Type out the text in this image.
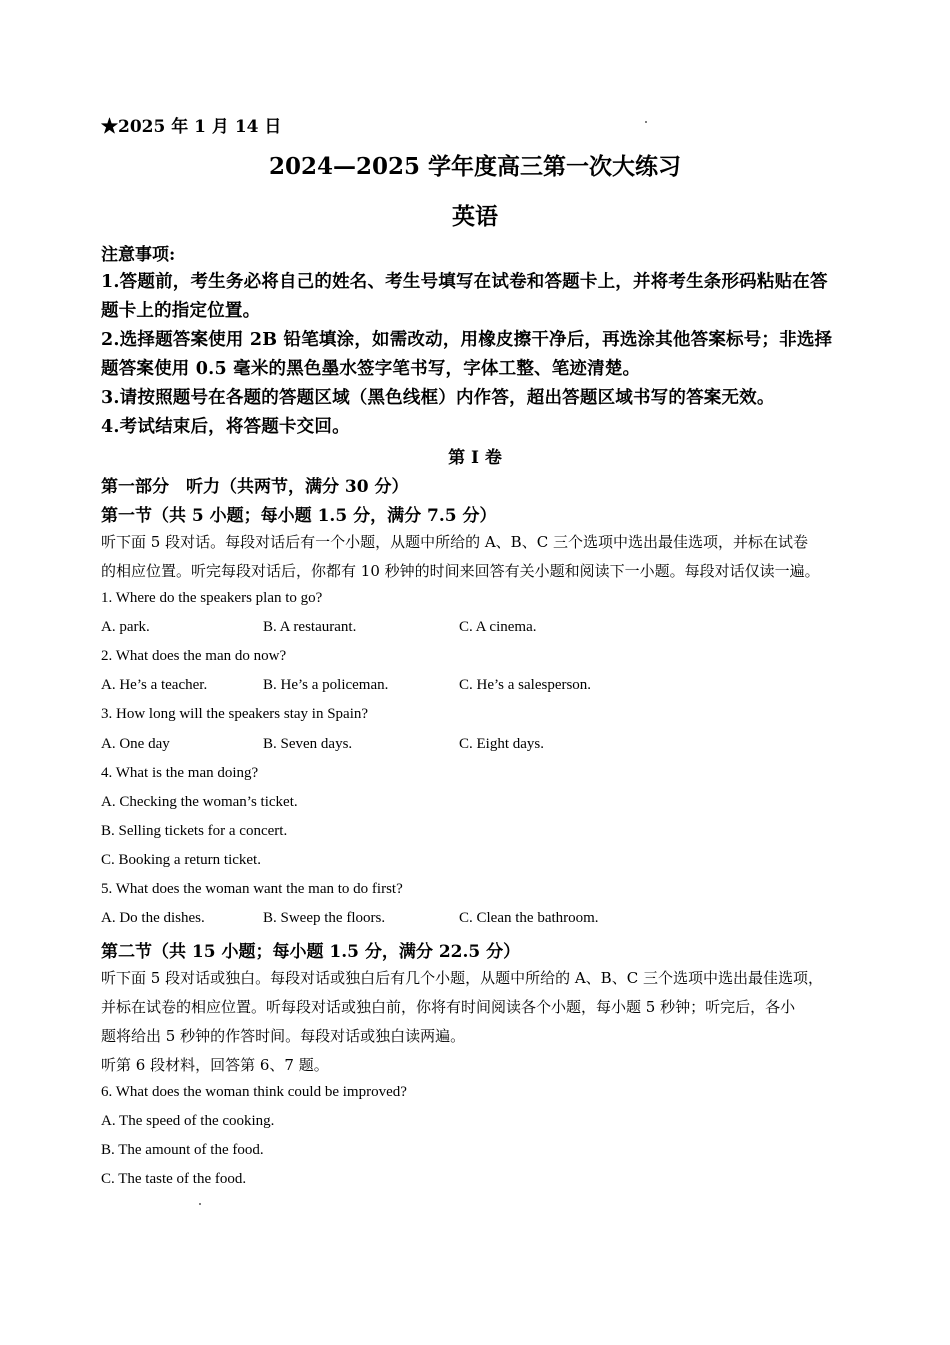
★2025 年 1 月 14 日
2024—2025 学年度高三第一次大练习
英语
注意事项:
1.答题前，考生务必将自己的姓名、考生号填写在试卷和答题卡上，并将考生条形码粘贴在答
题卡上的指定位置。
2.选择题答案使用 2B 铅笔填涂，如需改动，用橡皮擦干净后，再选涂其他答案标号；非选择
题答案使用 0.5 毫米的黑色墨水签字笔书写，字体工整、笔迹清楚。
3.请按照题号在各题的答题区域（黑色线框）内作答，超出答题区域书写的答案无效。
4.考试结束后，将答题卡交回。
第 I 卷
第一部分　听力（共两节，满分 30 分）
第一节（共 5 小题；每小题 1.5 分，满分 7.5 分）
听下面 5 段对话。每段对话后有一个小题，从题中所给的 A、B、C 三个选项中选出最佳选项，并标在试卷
的相应位置。听完每段对话后，你都有 10 秒钟的时间来回答有关小题和阅读下一小题。每段对话仅读一遍。
1. Where do the speakers plan to go?
A. park.	B. A restaurant.	C. A cinema.
2. What does the man do now?
A. He’s a teacher.	B. He’s a policeman.	C. He’s a salesperson.
3. How long will the speakers stay in Spain?
A. One day	B. Seven days.	C. Eight days.
4. What is the man doing?
A. Checking the woman’s ticket.
B. Selling tickets for a concert.
C. Booking a return ticket.
5. What does the woman want the man to do first?
A. Do the dishes.	B. Sweep the floors.	C. Clean the bathroom.
第二节（共 15 小题；每小题 1.5 分，满分 22.5 分）
听下面 5 段对话或独白。每段对话或独白后有几个小题，从题中所给的 A、B、C 三个选项中选出最佳选项，
并标在试卷的相应位置。听每段对话或独白前，你将有时间阅读各个小题，每小题 5 秒钟；听完后，各小
题将给出 5 秒钟的作答时间。每段对话或独白读两遍。
听第 6 段材料，回答第 6、7 题。
6. What does the woman think could be improved?
A. The speed of the cooking.
B. The amount of the food.
C. The taste of the food.
